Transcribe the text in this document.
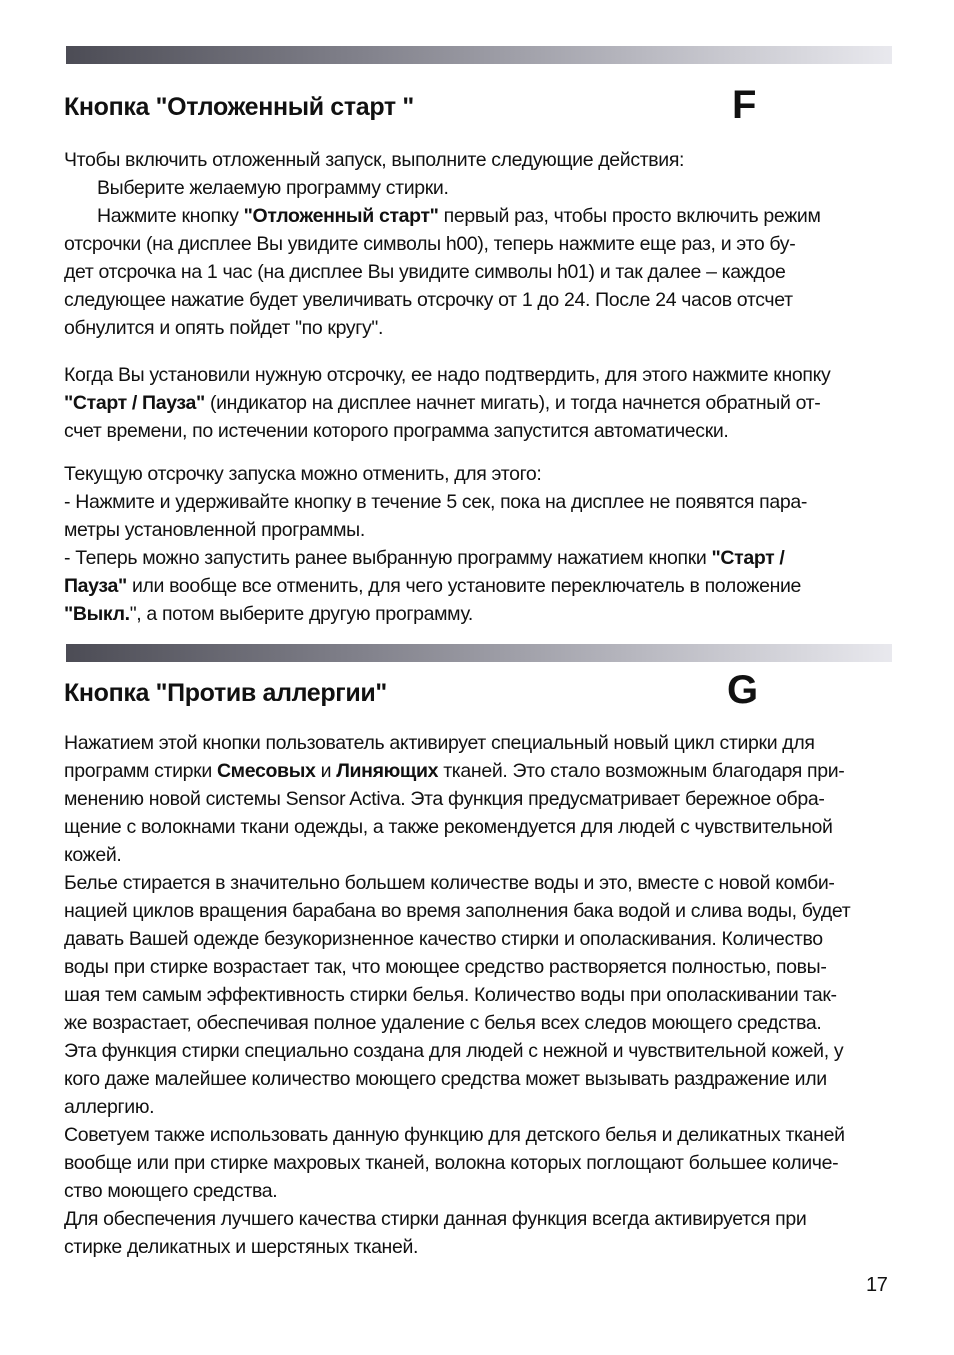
Кнопка "Отложенный старт "	F
Чтобы включить отложенный запуск, выполните следующие действия:
Выберите желаемую программу стирки.
Нажмите кнопку "Отложенный старт" первый раз, чтобы просто включить режим
отсрочки (на дисплее Вы увидите символы h00), теперь нажмите еще раз, и это бу-
дет отсрочка на 1 час (на дисплее Вы увидите символы h01) и так далее – каждое
следующее нажатие будет увеличивать отсрочку от 1 до 24. После 24 часов отсчет
обнулится и опять пойдет "по кругу".
Когда Вы установили нужную отсрочку, ее надо подтвердить, для этого нажмите кнопку
"Старт / Пауза" (индикатор на дисплее начнет мигать), и тогда начнется обратный от-
счет времени, по истечении которого программа запустится автоматически.
Текущую отсрочку запуска можно отменить, для этого:
- Нажмите и удерживайте кнопку в течение 5 сек, пока на дисплее не появятся пара-
метры установленной программы.
- Теперь можно запустить ранее выбранную программу нажатием кнопки "Старт /
Пауза" или вообще все отменить, для чего установите переключатель в положение
"Выкл.", а потом выберите другую программу.
Кнопка "Против аллергии"	G
Нажатием этой кнопки пользователь активирует специальный новый цикл стирки для
программ стирки Смесовых и Линяющих тканей. Это стало возможным благодаря при-
менению новой системы Sensor Activa. Эта функция предусматривает бережное обра-
щение с волокнами ткани одежды, а также рекомендуется для людей с чувствительной
кожей.
Белье стирается в значительно большем количестве воды и это, вместе с новой комби-
нацией циклов вращения барабана во время заполнения бака водой и слива воды, будет
давать Вашей одежде безукоризненное качество стирки и ополаскивания. Количество
воды при стирке возрастает так, что моющее средство растворяется полностью, повы-
шая тем самым эффективность стирки белья. Количество воды при ополаскивании так-
же возрастает, обеспечивая полное удаление с белья всех следов моющего средства.
Эта функция стирки специально создана для людей с нежной и чувствительной кожей, у
кого даже малейшее количество моющего средства может вызывать раздражение или
аллергию.
Советуем также использовать данную функцию для детского белья и деликатных тканей
вообще или при стирке махровых тканей, волокна которых поглощают большее количе-
ство моющего средства.
Для обеспечения лучшего качества стирки данная функция всегда активируется при
стирке деликатных и шерстяных тканей.
17
